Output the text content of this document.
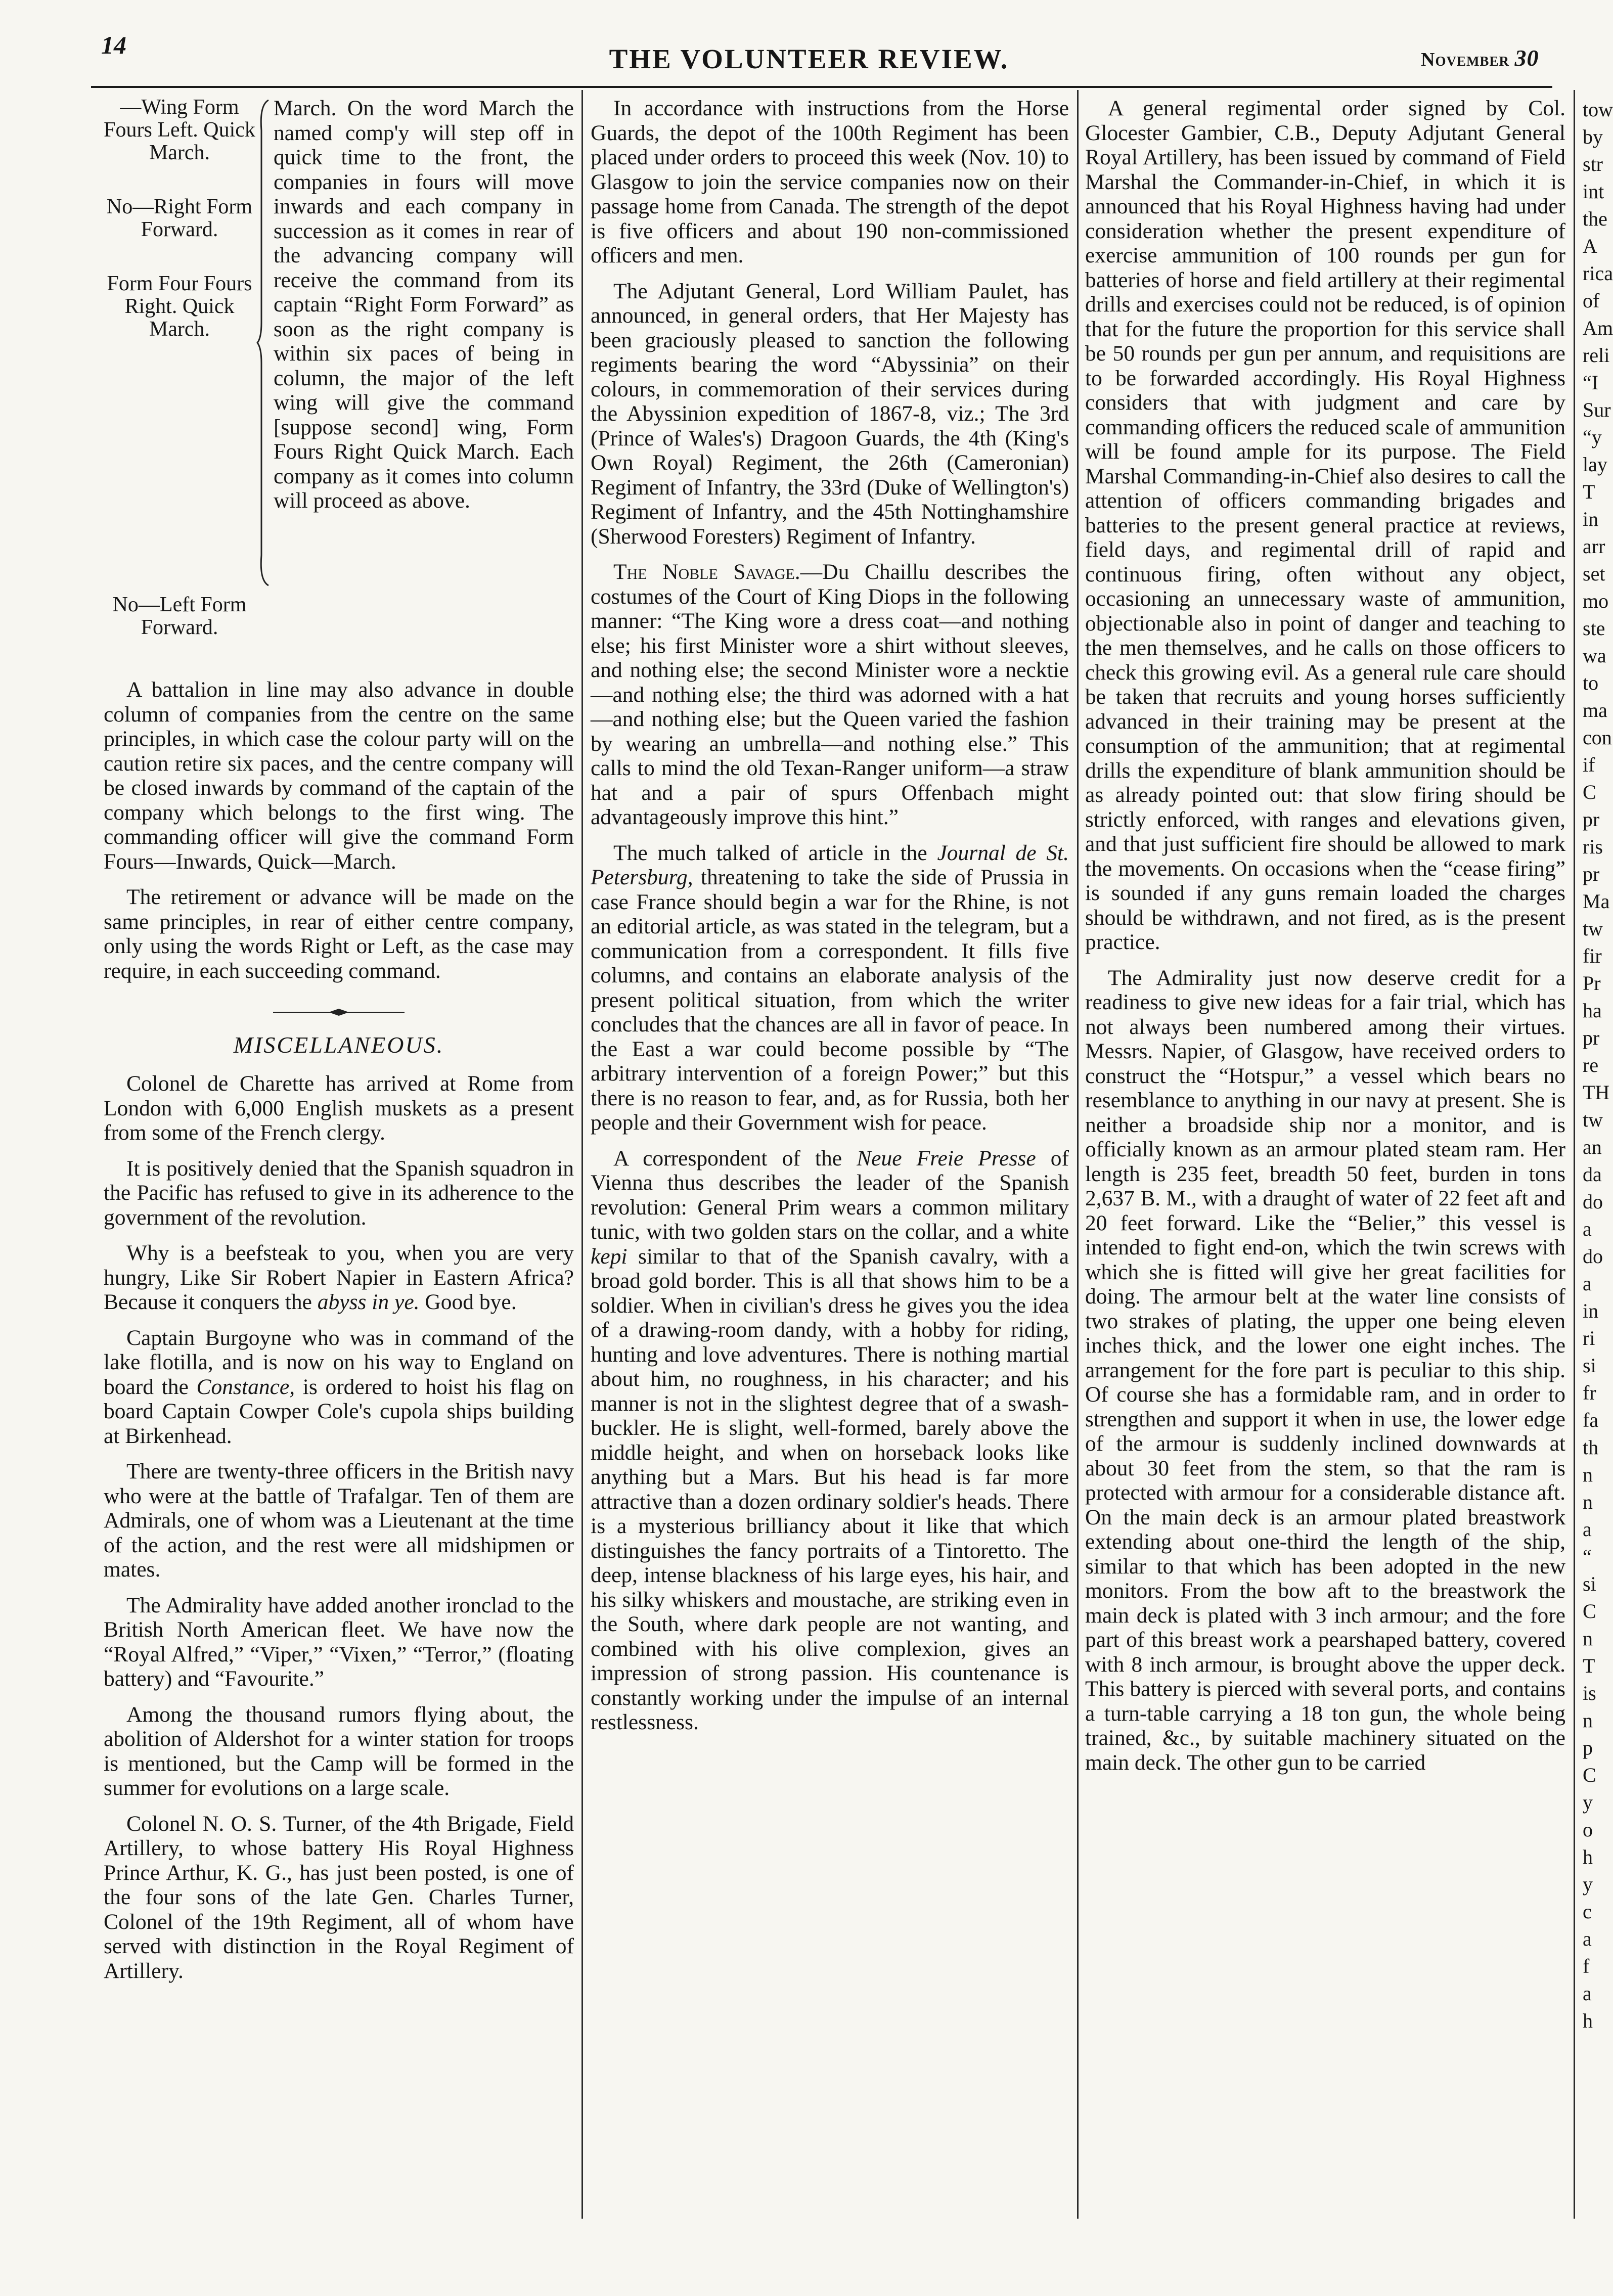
14	THE VOLUNTEER REVIEW.	November 30
—Wing Form Fours Left. Quick March.
No—Right Form Forward.
Form Four Fours Right. Quick March.
No—Left Form Forward.
March. On the word March the named comp'y will step off in quick time to the front, the companies in fours will move inwards and each company in succession as it comes in rear of the advancing company will receive the command from its captain “Right Form Forward” as soon as the right company is within six paces of being in column, the major of the left wing will give the command [suppose second] wing, Form Fours Right Quick March. Each company as it comes into column will proceed as above.

A battalion in line may also advance in double column of companies from the centre on the same principles, in which case the colour party will on the caution retire six paces, and the centre company will be closed inwards by command of the captain of the company which belongs to the first wing. The commanding officer will give the command Form Fours—Inwards, Quick—March.

The retirement or advance will be made on the same principles, in rear of either centre company, only using the words Right or Left, as the case may require, in each succeeding command.

MISCELLANEOUS.

Colonel de Charette has arrived at Rome from London with 6,000 English muskets as a present from some of the French clergy.

It is positively denied that the Spanish squadron in the Pacific has refused to give in its adherence to the government of the revolution.

Why is a beefsteak to you, when you are very hungry, Like Sir Robert Napier in Eastern Africa? Because it conquers the abyss in ye. Good bye.

Captain Burgoyne who was in command of the lake flotilla, and is now on his way to England on board the Constance, is ordered to hoist his flag on board Captain Cowper Cole's cupola ships building at Birkenhead.

There are twenty-three officers in the British navy who were at the battle of Trafalgar. Ten of them are Admirals, one of whom was a Lieutenant at the time of the action, and the rest were all midshipmen or mates.

The Admirality have added another ironclad to the British North American fleet. We have now the “Royal Alfred,” “Viper,” “Vixen,” “Terror,” (floating battery) and “Favourite.”

Among the thousand rumors flying about, the abolition of Aldershot for a winter station for troops is mentioned, but the Camp will be formed in the summer for evolutions on a large scale.

Colonel N. O. S. Turner, of the 4th Brigade, Field Artillery, to whose battery His Royal Highness Prince Arthur, K. G., has just been posted, is one of the four sons of the late Gen. Charles Turner, Colonel of the 19th Regiment, all of whom have served with distinction in the Royal Regiment of Artillery.

In accordance with instructions from the Horse Guards, the depot of the 100th Regiment has been placed under orders to proceed this week (Nov. 10) to Glasgow to join the service companies now on their passage home from Canada. The strength of the depot is five officers and about 190 non-commissioned officers and men.

The Adjutant General, Lord William Paulet, has announced, in general orders, that Her Majesty has been graciously pleased to sanction the following regiments bearing the word “Abyssinia” on their colours, in commemoration of their services during the Abyssinion expedition of 1867-8, viz.; The 3rd (Prince of Wales's) Dragoon Guards, the 4th (King's Own Royal) Regiment, the 26th (Cameronian) Regiment of Infantry, the 33rd (Duke of Wellington's) Regiment of Infantry, and the 45th Nottinghamshire (Sherwood Foresters) Regiment of Infantry.

The Noble Savage.—Du Chaillu describes the costumes of the Court of King Diops in the following manner: “The King wore a dress coat—and nothing else; his first Minister wore a shirt without sleeves, and nothing else; the second Minister wore a necktie—and nothing else; the third was adorned with a hat—and nothing else; but the Queen varied the fashion by wearing an umbrella—and nothing else.” This calls to mind the old Texan-Ranger uniform—a straw hat and a pair of spurs Offenbach might advantageously improve this hint.”

The much talked of article in the Journal de St. Petersburg, threatening to take the side of Prussia in case France should begin a war for the Rhine, is not an editorial article, as was stated in the telegram, but a communication from a correspondent. It fills five columns, and contains an elaborate analysis of the present political situation, from which the writer concludes that the chances are all in favor of peace. In the East a war could become possible by “The arbitrary intervention of a foreign Power;” but this there is no reason to fear, and, as for Russia, both her people and their Government wish for peace.

A correspondent of the Neue Freie Presse of Vienna thus describes the leader of the Spanish revolution: General Prim wears a common military tunic, with two golden stars on the collar, and a white kepi similar to that of the Spanish cavalry, with a broad gold border. This is all that shows him to be a soldier. When in civilian's dress he gives you the idea of a drawing-room dandy, with a hobby for riding, hunting and love adventures. There is nothing martial about him, no roughness, in his character; and his manner is not in the slightest degree that of a swash-buckler. He is slight, well-formed, barely above the middle height, and when on horseback looks like anything but a Mars. But his head is far more attractive than a dozen ordinary soldier's heads. There is a mysterious brilliancy about it like that which distinguishes the fancy portraits of a Tintoretto. The deep, intense blackness of his large eyes, his hair, and his silky whiskers and moustache, are striking even in the South, where dark people are not wanting, and combined with his olive complexion, gives an impression of strong passion. His countenance is constantly working under the impulse of an internal restlessness.

A general regimental order signed by Col. Glocester Gambier, C.B., Deputy Adjutant General Royal Artillery, has been issued by command of Field Marshal the Commander-in-Chief, in which it is announced that his Royal Highness having had under consideration whether the present expenditure of exercise ammunition of 100 rounds per gun for batteries of horse and field artillery at their regimental drills and exercises could not be reduced, is of opinion that for the future the proportion for this service shall be 50 rounds per gun per annum, and requisitions are to be forwarded accordingly. His Royal Highness considers that with judgment and care by commanding officers the reduced scale of ammunition will be found ample for its purpose. The Field Marshal Commanding-in-Chief also desires to call the attention of officers commanding brigades and batteries to the present general practice at reviews, field days, and regimental drill of rapid and continuous firing, often without any object, occasioning an unnecessary waste of ammunition, objectionable also in point of danger and teaching to the men themselves, and he calls on those officers to check this growing evil. As a general rule care should be taken that recruits and young horses sufficiently advanced in their training may be present at the consumption of the ammunition; that at regimental drills the expenditure of blank ammunition should be as already pointed out: that slow firing should be strictly enforced, with ranges and elevations given, and that just sufficient fire should be allowed to mark the movements. On occasions when the “cease firing” is sounded if any guns remain loaded the charges should be withdrawn, and not fired, as is the present practice.

The Admirality just now deserve credit for a readiness to give new ideas for a fair trial, which has not always been numbered among their virtues. Messrs. Napier, of Glasgow, have received orders to construct the “Hotspur,” a vessel which bears no resemblance to anything in our navy at present. She is neither a broadside ship nor a monitor, and is officially known as an armour plated steam ram. Her length is 235 feet, breadth 50 feet, burden in tons 2,637 B. M., with a draught of water of 22 feet aft and 20 feet forward. Like the “Belier,” this vessel is intended to fight end-on, which the twin screws with which she is fitted will give her great facilities for doing. The armour belt at the water line consists of two strakes of plating, the upper one being eleven inches thick, and the lower one eight inches. The arrangement for the fore part is peculiar to this ship. Of course she has a formidable ram, and in order to strengthen and support it when in use, the lower edge of the armour is suddenly inclined downwards at about 30 feet from the stem, so that the ram is protected with armour for a considerable distance aft. On the main deck is an armour plated breastwork extending about one-third the length of the ship, similar to that which has been adopted in the new monitors. From the bow aft to the breastwork the main deck is plated with 3 inch armour; and the fore part of this breast work a pearshaped battery, covered with 8 inch armour, is brought above the upper deck. This battery is pierced with several ports, and contains a turn-table carrying a 18 ton gun, the whole being trained, &c., by suitable machinery situated on the main deck. The other gun to be carried

tow
by
str
int
the
A
rica
of
Am
reli
“I
Sur
“y
lay
T
in
arr
set
mo
ste
wa
to
ma
con
if
C
pr
ris
pr
Ma
tw
fir
Pr
ha
pr
re
TH
tw
an
da
do
a
do
a
in
ri
si
fr
fa
th
n
n
a
“
si
C
n
T
is
n
p
C
y
o
h
y
c
a
f
a
h
